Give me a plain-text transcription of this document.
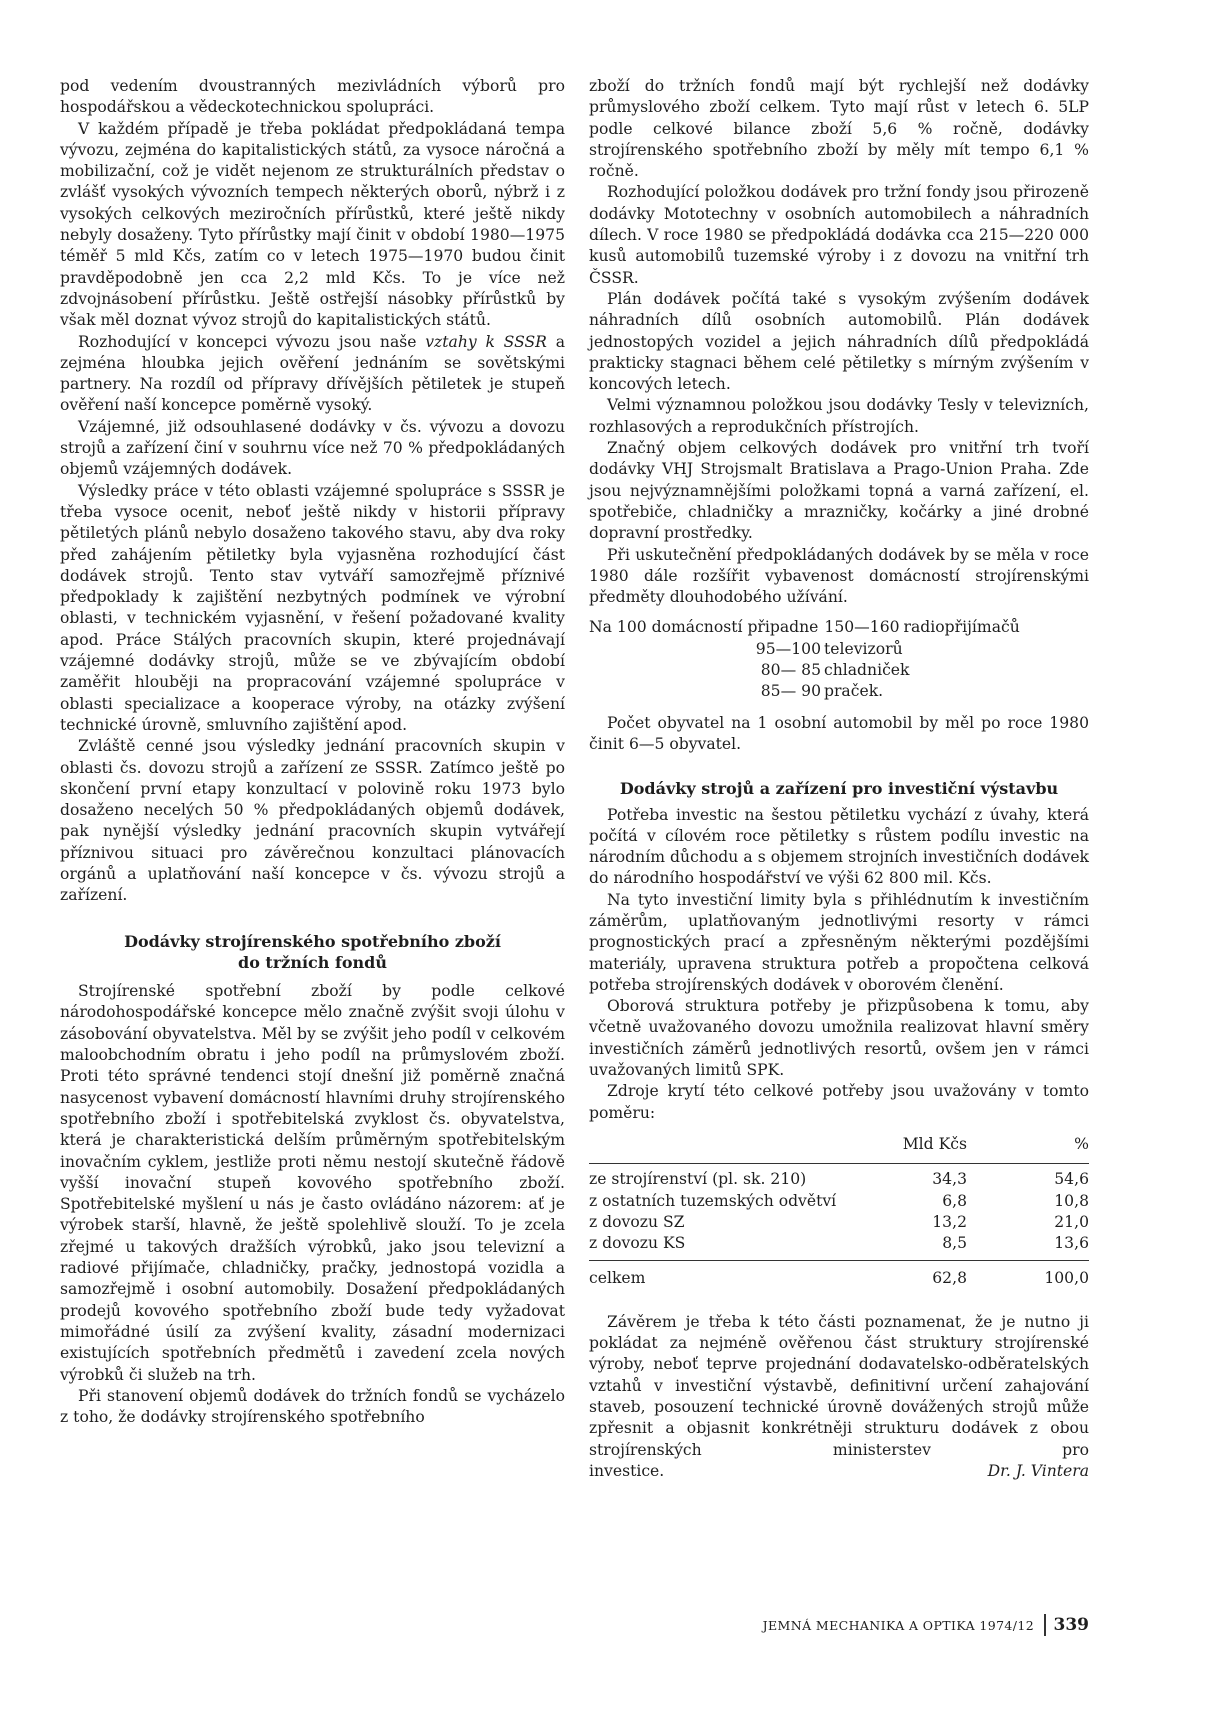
pod vedením dvoustranných mezivládních výborů pro hospodářskou a vědeckotechnickou spolupráci.

V každém případě je třeba pokládat předpokládaná tempa vývozu, zejména do kapitalistických států, za vysoce náročná a mobilizační, což je vidět nejenom ze strukturálních představ o zvlášť vysokých vývozních tempech některých oborů, nýbrž i z vysokých celkových meziročních přírůstků, které ještě nikdy nebyly dosaženy. Tyto přírůstky mají činit v období 1980—1975 téměř 5 mld Kčs, zatím co v letech 1975—1970 budou činit pravděpodobně jen cca 2,2 mld Kčs. To je více než zdvojnásobení přírůstku. Ještě ostřejší násobky přírůstků by však měl doznat vývoz strojů do kapitalistických států.

Rozhodující v koncepci vývozu jsou naše vztahy k SSSR a zejména hloubka jejich ověření jednáním se sovětskými partnery. Na rozdíl od přípravy dřívějších pětiletek je stupeň ověření naší koncepce poměrně vysoký.

Vzájemné, již odsouhlasené dodávky v čs. vývozu a dovozu strojů a zařízení činí v souhrnu více než 70 % předpokládaných objemů vzájemných dodávek.

Výsledky práce v této oblasti vzájemné spolupráce s SSSR je třeba vysoce ocenit, neboť ještě nikdy v historii přípravy pětiletých plánů nebylo dosaženo takového stavu, aby dva roky před zahájením pětiletky byla vyjasněna rozhodující část dodávek strojů. Tento stav vytváří samozřejmě příznivé předpoklady k zajištění nezbytných podmínek ve výrobní oblasti, v technickém vyjasnění, v řešení požadované kvality apod. Práce Stálých pracovních skupin, které projednávají vzájemné dodávky strojů, může se ve zbývajícím období zaměřit hlouběji na propracování vzájemné spolupráce v oblasti specializace a kooperace výroby, na otázky zvýšení technické úrovně, smluvního zajištění apod.

Zvláště cenné jsou výsledky jednání pracovních skupin v oblasti čs. dovozu strojů a zařízení ze SSSR. Zatímco ještě po skončení první etapy konzultací v polovině roku 1973 bylo dosaženo necelých 50 % předpokládaných objemů dodávek, pak nynější výsledky jednání pracovních skupin vytvářejí příznivou situaci pro závěrečnou konzultaci plánovacích orgánů a uplatňování naší koncepce v čs. vývozu strojů a zařízení.

Dodávky strojírenského spotřebního zboží
do tržních fondů

Strojírenské spotřební zboží by podle celkové národohospodářské koncepce mělo značně zvýšit svoji úlohu v zásobování obyvatelstva. Měl by se zvýšit jeho podíl v celkovém maloobchodním obratu i jeho podíl na průmyslovém zboží. Proti této správné tendenci stojí dnešní již poměrně značná nasycenost vybavení domácností hlavními druhy strojírenského spotřebního zboží i spotřebitelská zvyklost čs. obyvatelstva, která je charakteristická delším průměrným spotřebitelským inovačním cyklem, jestliže proti němu nestojí skutečně řádově vyšší inovační stupeň kovového spotřebního zboží. Spotřebitelské myšlení u nás je často ovládáno názorem: ať je výrobek starší, hlavně, že ještě spolehlivě slouží. To je zcela zřejmé u takových dražších výrobků, jako jsou televizní a radiové přijímače, chladničky, pračky, jednostopá vozidla a samozřejmě i osobní automobily. Dosažení předpokládaných prodejů kovového spotřebního zboží bude tedy vyžadovat mimořádné úsilí za zvýšení kvality, zásadní modernizaci existujících spotřebních předmětů i zavedení zcela nových výrobků či služeb na trh.

Při stanovení objemů dodávek do tržních fondů se vycházelo z toho, že dodávky strojírenského spotřebního

zboží do tržních fondů mají být rychlejší než dodávky průmyslového zboží celkem. Tyto mají růst v letech 6. 5LP podle celkové bilance zboží 5,6 % ročně, dodávky strojírenského spotřebního zboží by měly mít tempo 6,1 % ročně.

Rozhodující položkou dodávek pro tržní fondy jsou přirozeně dodávky Mototechny v osobních automobilech a náhradních dílech. V roce 1980 se předpokládá dodávka cca 215—220 000 kusů automobilů tuzemské výroby i z dovozu na vnitřní trh ČSSR.

Plán dodávek počítá také s vysokým zvýšením dodávek náhradních dílů osobních automobilů. Plán dodávek jednostopých vozidel a jejich náhradních dílů předpokládá prakticky stagnaci během celé pětiletky s mírným zvýšením v koncových letech.

Velmi významnou položkou jsou dodávky Tesly v televizních, rozhlasových a reprodukčních přístrojích.

Značný objem celkových dodávek pro vnitřní trh tvoří dodávky VHJ Strojsmalt Bratislava a Prago-Union Praha. Zde jsou nejvýznamnějšími položkami topná a varná zařízení, el. spotřebiče, chladničky a mrazničky, kočárky a jiné drobné dopravní prostředky.

Při uskutečnění předpokládaných dodávek by se měla v roce 1980 dále rozšířit vybavenost domácností strojírenskými předměty dlouhodobého užívání.

Na 100 domácností připadne 150—160 radiopřijímačů
95—100 televizorů
80— 85 chladniček
85— 90 praček.

Počet obyvatel na 1 osobní automobil by měl po roce 1980 činit 6—5 obyvatel.

Dodávky strojů a zařízení pro investiční výstavbu

Potřeba investic na šestou pětiletku vychází z úvahy, která počítá v cílovém roce pětiletky s růstem podílu investic na národním důchodu a s objemem strojních investičních dodávek do národního hospodářství ve výši 62 800 mil. Kčs.

Na tyto investiční limity byla s přihlédnutím k investičním záměrům, uplatňovaným jednotlivými resorty v rámci prognostických prací a zpřesněným některými pozdějšími materiály, upravena struktura potřeb a propočtena celková potřeba strojírenských dodávek v oborovém členění.

Oborová struktura potřeby je přizpůsobena k tomu, aby včetně uvažovaného dovozu umožnila realizovat hlavní směry investičních záměrů jednotlivých resortů, ovšem jen v rámci uvažovaných limitů SPK.

Zdroje krytí této celkové potřeby jsou uvažovány v tomto poměru:

	Mld Kčs	%
ze strojírenství (pl. sk. 210)	34,3	54,6
z ostatních tuzemských odvětví	6,8	10,8
z dovozu SZ	13,2	21,0
z dovozu KS	8,5	13,6

celkem	62,8	100,0

Závěrem je třeba k této části poznamenat, že je nutno ji pokládat za nejméně ověřenou část struktury strojírenské výroby, neboť teprve projednání dodavatelsko-odběratelských vztahů v investiční výstavbě, definitivní určení zahajování staveb, posouzení technické úrovně dovážených strojů může zpřesnit a objasnit konkrétněji strukturu dodávek z obou strojírenských ministerstev pro

investice.	Dr. J. Vintera
JEMNÁ MECHANIKA A OPTIKA 1974/12 339
